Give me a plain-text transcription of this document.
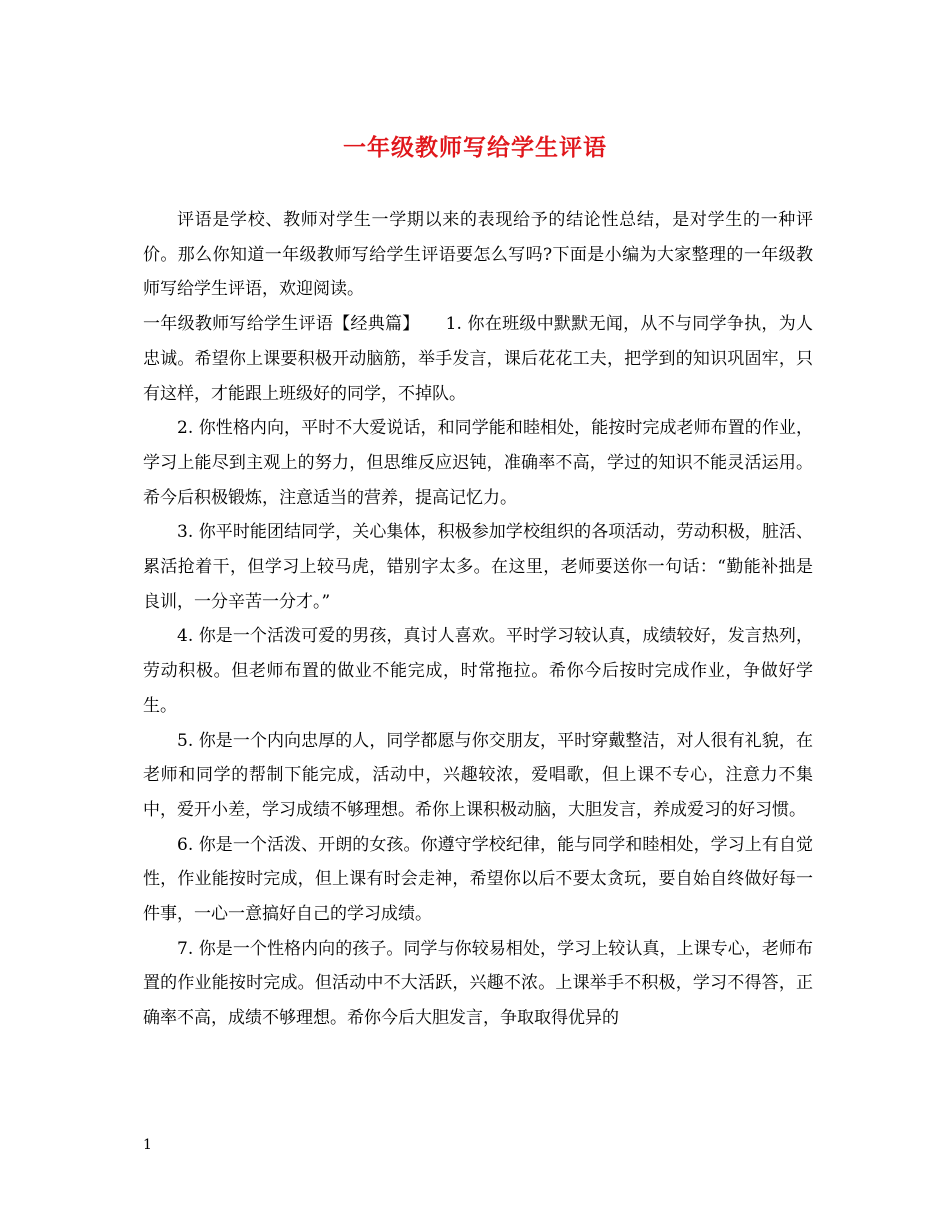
一年级教师写给学生评语

评语是学校、教师对学生一学期以来的表现给予的结论性总结，是对学生的一种评价。那么你知道一年级教师写给学生评语要怎么写吗?下面是小编为大家整理的一年级教师写给学生评语，欢迎阅读。

一年级教师写给学生评语【经典篇】　　1. 你在班级中默默无闻，从不与同学争执，为人忠诚。希望你上课要积极开动脑筋，举手发言，课后花花工夫，把学到的知识巩固牢，只有这样，才能跟上班级好的同学，不掉队。

2. 你性格内向，平时不大爱说话，和同学能和睦相处，能按时完成老师布置的作业，学习上能尽到主观上的努力，但思维反应迟钝，准确率不高，学过的知识不能灵活运用。希今后积极锻炼，注意适当的营养，提高记忆力。

3. 你平时能团结同学，关心集体，积极参加学校组织的各项活动，劳动积极，脏活、累活抢着干，但学习上较马虎，错别字太多。在这里，老师要送你一句话：“勤能补拙是良训，一分辛苦一分才。”

4. 你是一个活泼可爱的男孩，真讨人喜欢。平时学习较认真，成绩较好，发言热列，劳动积极。但老师布置的做业不能完成，时常拖拉。希你今后按时完成作业，争做好学生。

5. 你是一个内向忠厚的人，同学都愿与你交朋友，平时穿戴整洁，对人很有礼貌，在老师和同学的帮制下能完成，活动中，兴趣较浓，爱唱歌，但上课不专心，注意力不集中，爱开小差，学习成绩不够理想。希你上课积极动脑，大胆发言，养成爱习的好习惯。

6. 你是一个活泼、开朗的女孩。你遵守学校纪律，能与同学和睦相处，学习上有自觉性，作业能按时完成，但上课有时会走神，希望你以后不要太贪玩，要自始自终做好每一件事，一心一意搞好自己的学习成绩。

7. 你是一个性格内向的孩子。同学与你较易相处，学习上较认真，上课专心，老师布置的作业能按时完成。但活动中不大活跃，兴趣不浓。上课举手不积极，学习不得答，正确率不高，成绩不够理想。希你今后大胆发言，争取取得优异的

1
